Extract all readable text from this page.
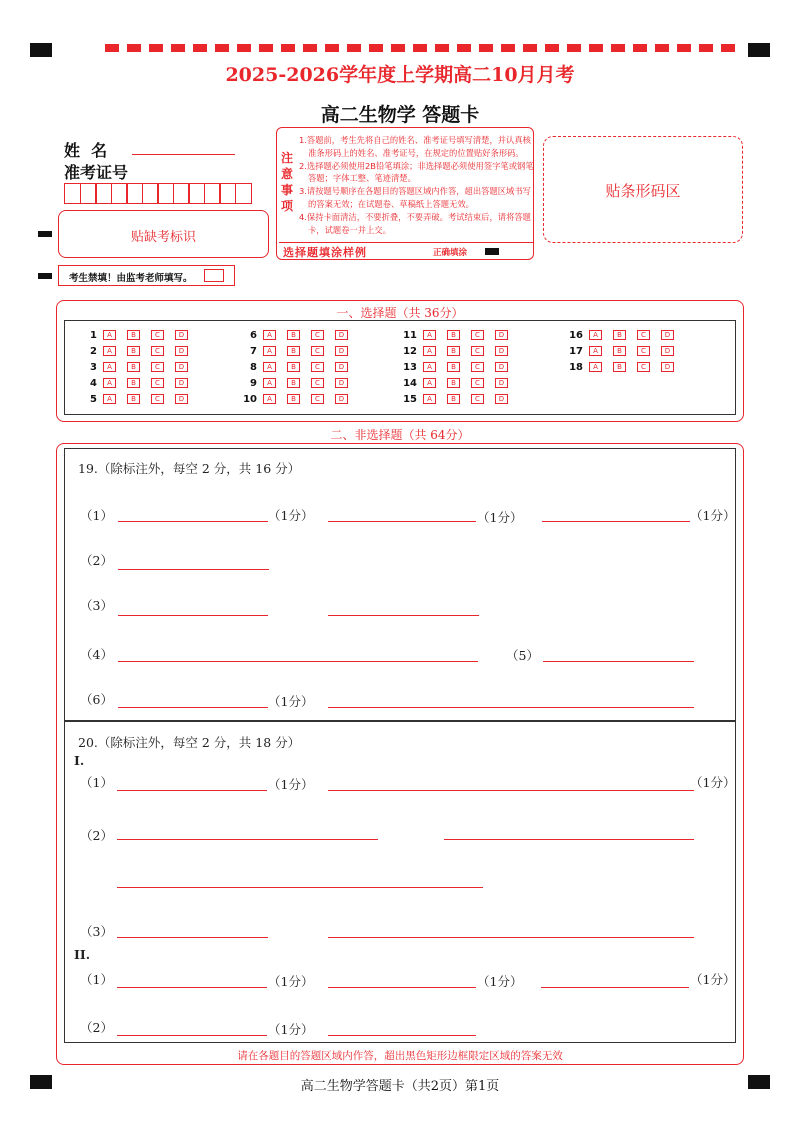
2025-2026学年度上学期高二10月月考
高二生物学 答题卡
姓  名
准考证号
贴缺考标识
考生禁填！由监考老师填写。
注意事项

1.答题前，考生先将自己的姓名、准考证号填写清楚，并认真核准条形码上的姓名、准考证号，在规定的位置贴好条形码。

2.选择题必须使用2B铅笔填涂；非选择题必须使用签字笔或钢笔答题；字体工整、笔迹清楚。

3.请按题号顺序在各题目的答题区域内作答，超出答题区域书写的答案无效；在试题卷、草稿纸上答题无效。

4.保持卡面清洁，不要折叠，不要弄破。考试结束后，请将答题卡，试题卷一并上交。

选择题填涂样例	正确填涂
贴条形码区
一、选择题（共 36分）
1	A	B	C	D
2	A	B	C	D
3	A	B	C	D
4	A	B	C	D
5	A	B	C	D
6	A	B	C	D
7	A	B	C	D
8	A	B	C	D
9	A	B	C	D
10	A	B	C	D
11	A	B	C	D
12	A	B	C	D
13	A	B	C	D
14	A	B	C	D
15	A	B	C	D
16	A	B	C	D
17	A	B	C	D
18	A	B	C	D
二、非选择题（共 64分）
19.（除标注外，每空 2 分，共 16 分）
（1）	（1分）	（1分）	（1分）
（2）
（3）
（4）	（5）
（6）	（1分）
20.（除标注外，每空 2 分，共 18 分）
I.
（1）	（1分）	（1分）
（2）
（3）
II.
（1）	（1分）	（1分）	（1分）
（2）	（1分）
请在各题目的答题区域内作答，超出黑色矩形边框限定区域的答案无效
高二生物学答题卡（共2页）第1页
